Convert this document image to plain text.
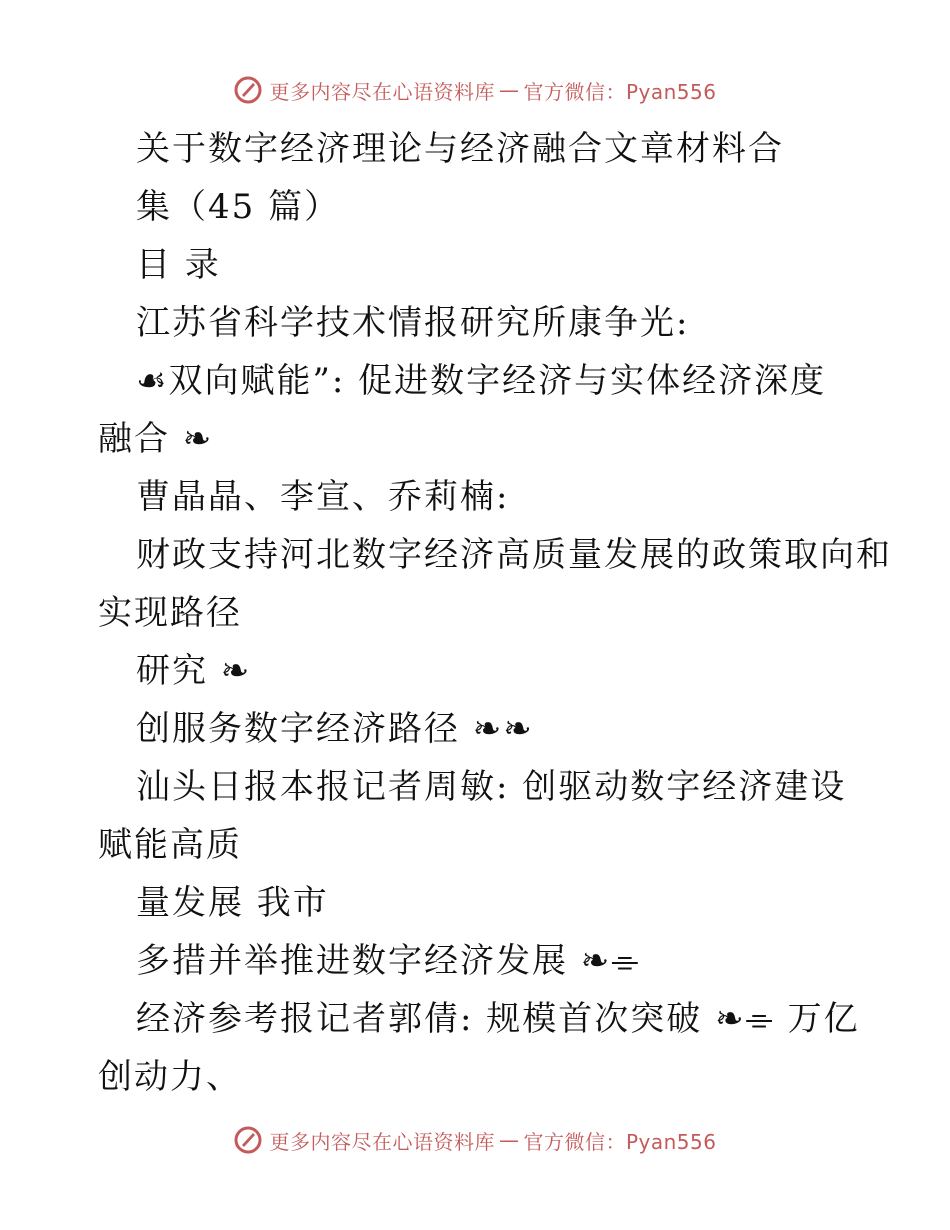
更多内容尽在心语资料库 — 官方微信：Pyan556
关于数字经济理论与经济融合文章材料合
集（45 篇）
目 录
江苏省科学技术情报研究所康争光:
☙双向赋能”: 促进数字经济与实体经济深度
融合 ❧
曹晶晶、李宣、乔莉楠:
财政支持河北数字经济高质量发展的政策取向和
实现路径
研究 ❧
创服务数字经济路径 ❧❧
汕头日报本报记者周敏: 创驱动数字经济建设
赋能高质
量发展 我市
多措并举推进数字经济发展 ❧⌯
经济参考报记者郭倩: 规模首次突破 ❧⌯ 万亿
创动力、
更多内容尽在心语资料库 — 官方微信：Pyan556
